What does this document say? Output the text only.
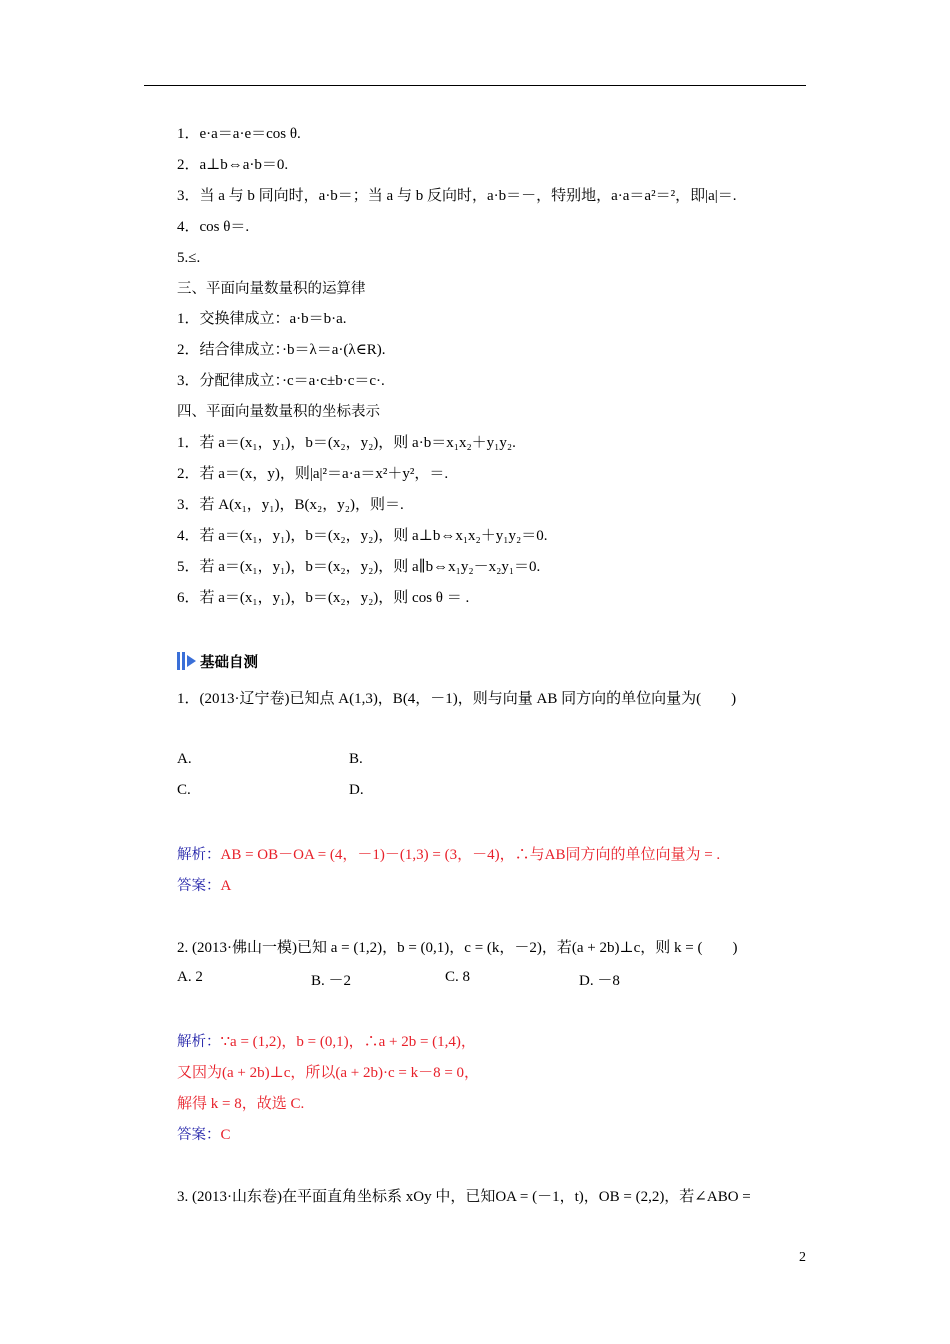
1．e·a＝a·e＝cos θ.
2．a⊥b⇔a·b＝0.
3．当 a 与 b 同向时，a·b＝；当 a 与 b 反向时，a·b＝－，特别地，a·a＝a²＝²，即|a|＝.
4．cos θ＝.
5.≤.
三、平面向量数量积的运算律
1．交换律成立：a·b＝b·a.
2．结合律成立：·b＝λ＝a·(λ∈R).
3．分配律成立：·c＝a·c±b·c＝c·.
四、平面向量数量积的坐标表示
1．若 a＝(x₁，y₁)，b＝(x₂，y₂)，则 a·b＝x₁x₂＋y₁y₂.
2．若 a＝(x，y)，则|a|²＝a·a＝x²＋y²，＝.
3．若 A(x₁，y₁)，B(x₂，y₂)，则＝.
4．若 a＝(x₁，y₁)，b＝(x₂，y₂)，则 a⊥b⇔x₁x₂＋y₁y₂＝0.
5．若 a＝(x₁，y₁)，b＝(x₂，y₂)，则 a∥b⇔x₁y₂－x₂y₁＝0.
6．若 a＝(x₁，y₁)，b＝(x₂，y₂)，则 cos θ ＝ .
基础自测
1．(2013·辽宁卷)已知点 A(1,3)，B(4，－1)，则与向量 AB 同方向的单位向量为(　　)
A.	B.
C.	D.
解析：AB = OB－OA = (4，－1)－(1,3) = (3，－4)，∴与AB同方向的单位向量为 = .
答案：A
2. (2013·佛山一模)已知 a = (1,2)，b = (0,1)，c = (k，－2)，若(a + 2b)⊥c，则 k = (　　)
A. 2	B. －2	C. 8	D. －8
解析：∵a = (1,2)，b = (0,1)，∴a + 2b = (1,4)，
又因为(a + 2b)⊥c，所以(a + 2b)·c = k－8 = 0，
解得 k = 8，故选 C.
答案：C
3. (2013·山东卷)在平面直角坐标系 xOy 中，已知OA = (－1，t)，OB = (2,2)，若∠ABO =
2
